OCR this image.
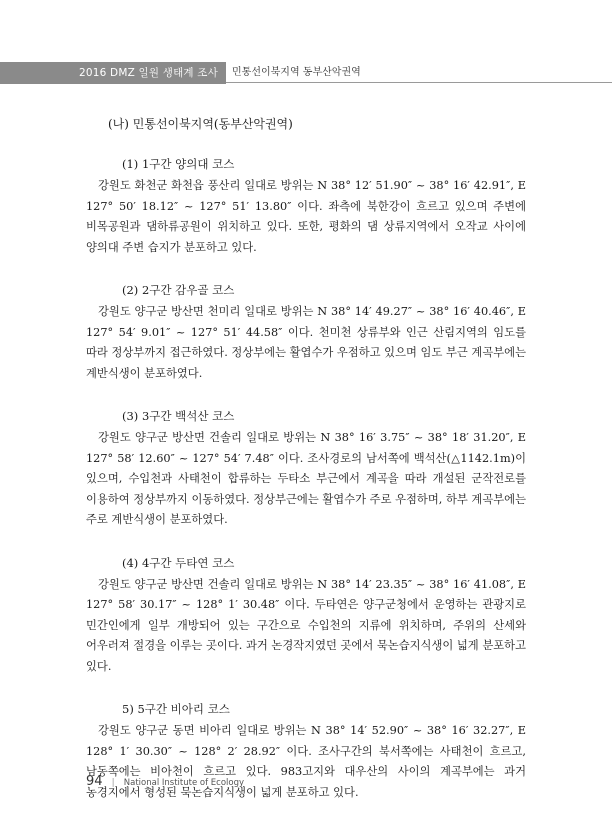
2016 DMZ 일원 생태계 조사	민통선이북지역 동부산악권역
(나) 민통선이북지역(동부산악권역)
(1) 1구간 양의대 코스

강원도 화천군 화천읍 풍산리 일대로 방위는 N 38° 12′ 51.90″ ~ 38° 16′ 42.91″, E 127° 50′ 18.12″ ~ 127° 51′ 13.80″ 이다. 좌측에 북한강이 흐르고 있으며 주변에 비목공원과 댐하류공원이 위치하고 있다. 또한, 평화의 댐 상류지역에서 오작교 사이에 양의대 주변 습지가 분포하고 있다.

(2) 2구간 감우골 코스

강원도 양구군 방산면 천미리 일대로 방위는 N 38° 14′ 49.27″ ~ 38° 16′ 40.46″, E 127° 54′ 9.01″ ~ 127° 51′ 44.58″ 이다. 천미천 상류부와 인근 산림지역의 임도를 따라 정상부까지 접근하였다. 정상부에는 활엽수가 우점하고 있으며 임도 부근 계곡부에는 계반식생이 분포하였다.

(3) 3구간 백석산 코스

강원도 양구군 방산면 건솔리 일대로 방위는 N 38° 16′ 3.75″ ~ 38° 18′ 31.20″, E 127° 58′ 12.60″ ~ 127° 54′ 7.48″ 이다. 조사경로의 남서쪽에 백석산(△1142.1m)이 있으며, 수입천과 사태천이 합류하는 두타소 부근에서 계곡을 따라 개설된 군작전로를 이용하여 정상부까지 이동하였다. 정상부근에는 활엽수가 주로 우점하며, 하부 계곡부에는 주로 계반식생이 분포하였다.

(4) 4구간 두타연 코스

강원도 양구군 방산면 건솔리 일대로 방위는 N 38° 14′ 23.35″ ~ 38° 16′ 41.08″, E 127° 58′ 30.17″ ~ 128° 1′ 30.48″ 이다. 두타연은 양구군청에서 운영하는 관광지로 민간인에게 일부 개방되어 있는 구간으로 수입천의 지류에 위치하며, 주위의 산세와 어우러져 절경을 이루는 곳이다. 과거 논경작지였던 곳에서 묵논습지식생이 넓게 분포하고 있다.

5) 5구간 비아리 코스

강원도 양구군 동면 비아리 일대로 방위는 N 38° 14′ 52.90″ ~ 38° 16′ 32.27″, E 128° 1′ 30.30″ ~ 128° 2′ 28.92″ 이다. 조사구간의 북서쪽에는 사태천이 흐르고, 남동쪽에는 비아천이 흐르고 있다. 983고지와 대우산의 사이의 계곡부에는 과거 농경지에서 형성된 묵논습지식생이 넓게 분포하고 있다.

94 | National Institute of Ecology
